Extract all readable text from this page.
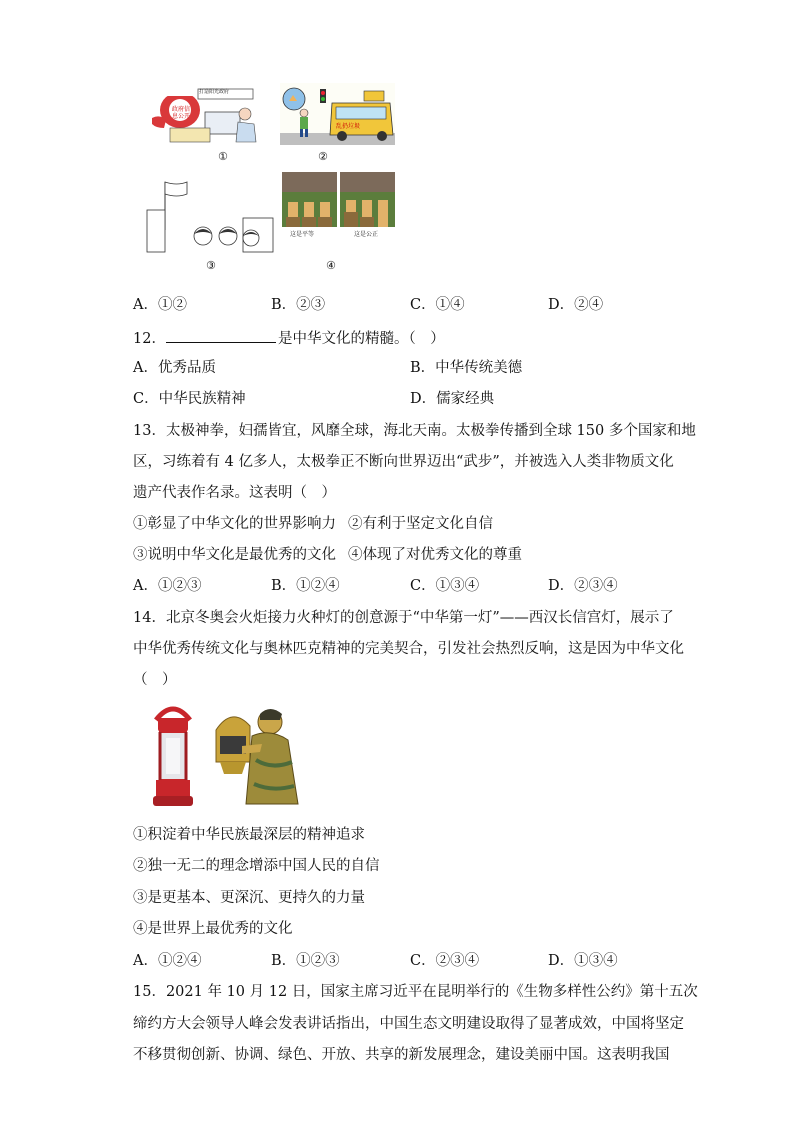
打造阳光政府
政府信息公开
①
乱扔垃圾
②
③
这是平等	这是公正
④
A．①②	B．②③	C．①④	D．②④
12．	是中华文化的精髓。（　）
A．优秀品质	B．中华传统美德
C．中华民族精神	D．儒家经典
13．太极神拳，妇孺皆宜，风靡全球，海北天南。太极拳传播到全球 150 多个国家和地
区，习练着有 4 亿多人，太极拳正不断向世界迈出“武步”，并被选入人类非物质文化
遗产代表作名录。这表明（　）
①彰显了中华文化的世界影响力 ②有利于坚定文化自信
③说明中华文化是最优秀的文化 ④体现了对优秀文化的尊重
A．①②③	B．①②④	C．①③④	D．②③④
14．北京冬奥会火炬接力火种灯的创意源于“中华第一灯”——西汉长信宫灯，展示了
中华优秀传统文化与奥林匹克精神的完美契合，引发社会热烈反响，这是因为中华文化
（　）
①积淀着中华民族最深层的精神追求
②独一无二的理念增添中国人民的自信
③是更基本、更深沉、更持久的力量
④是世界上最优秀的文化
A．①②④	B．①②③	C．②③④	D．①③④
15．2021 年 10 月 12 日，国家主席习近平在昆明举行的《生物多样性公约》第十五次
缔约方大会领导人峰会发表讲话指出，中国生态文明建设取得了显著成效，中国将坚定
不移贯彻创新、协调、绿色、开放、共享的新发展理念，建设美丽中国。这表明我国
